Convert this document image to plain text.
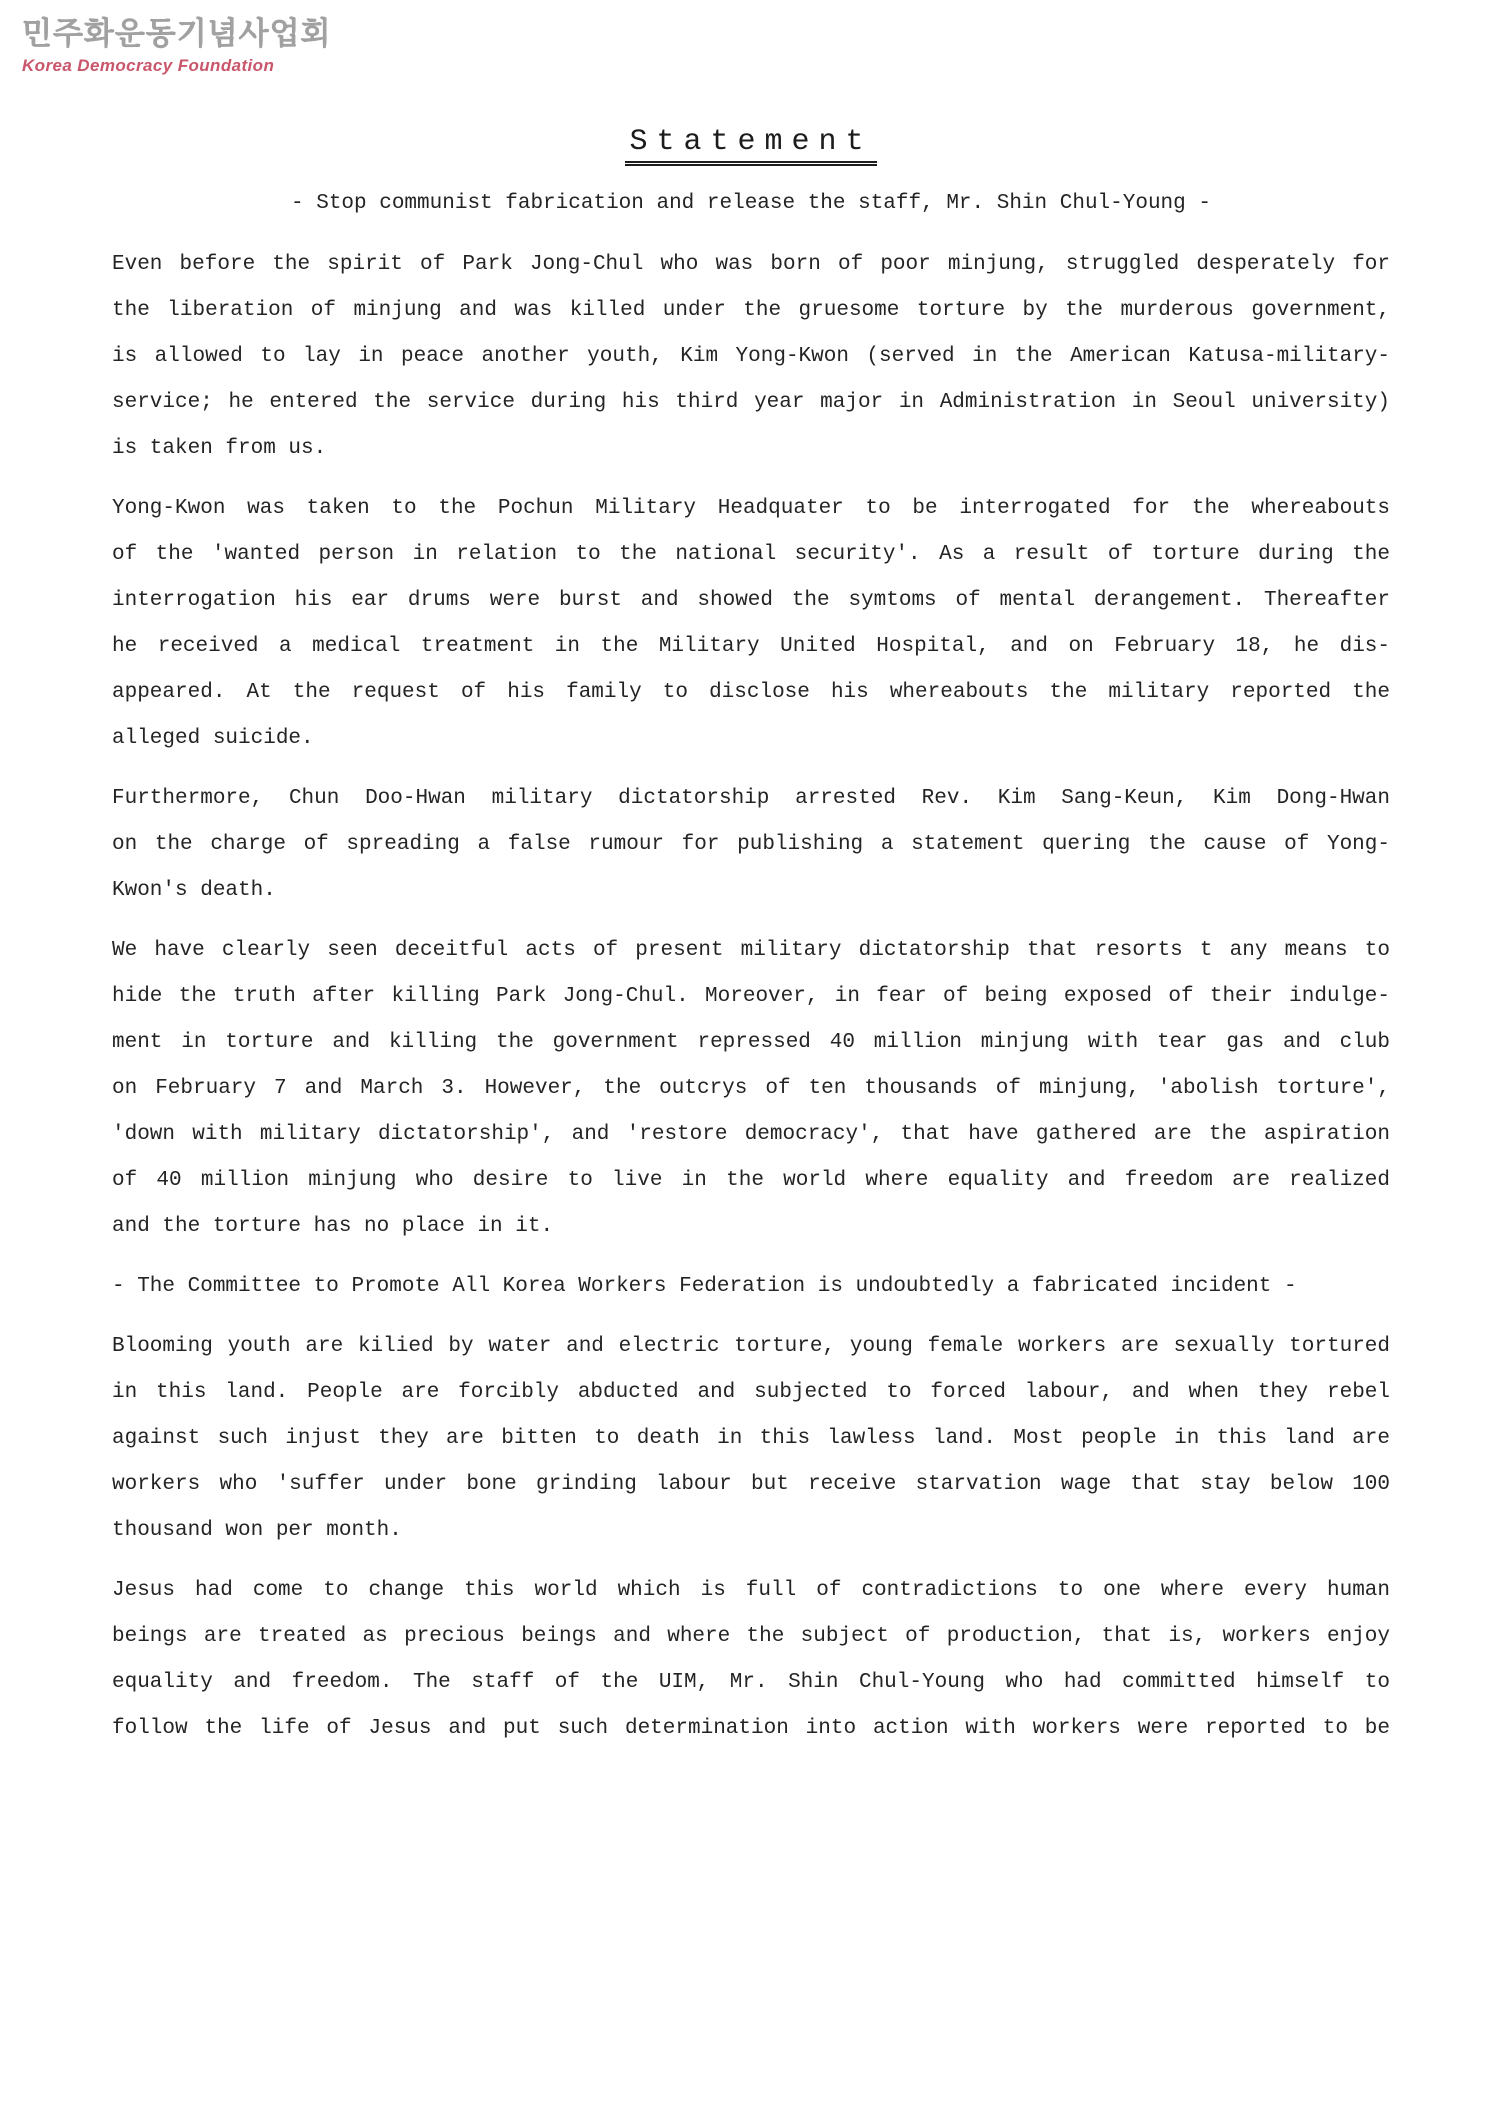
민주화운동기념사업회
Korea Democracy Foundation
Statement
- Stop communist fabrication and release the staff, Mr. Shin Chul-Young -
Even before the spirit of Park Jong-Chul who was born of poor minjung, struggled desperately for
the liberation of minjung and was killed under the gruesome torture by the murderous government,
is allowed to lay in peace another youth, Kim Yong-Kwon (served in the American Katusa-military-
service; he entered the service during his third year major in Administration in Seoul university)
is taken from us.
Yong-Kwon was taken to the Pochun Military Headquater to be interrogated for the whereabouts
of the 'wanted person in relation to the national security'. As a result of torture during the
interrogation his ear drums were burst and showed the symtoms of mental derangement. Thereafter
he received a medical treatment in the Military United Hospital, and on February 18, he dis-
appeared. At the request of his family to disclose his whereabouts the military reported the
alleged suicide.
Furthermore, Chun Doo-Hwan military dictatorship arrested Rev. Kim Sang-Keun, Kim Dong-Hwan
on the charge of spreading a false rumour for publishing a statement quering the cause of Yong-
Kwon's death.
We have clearly seen deceitful acts of present military dictatorship that resorts t any means to
hide the truth after killing Park Jong-Chul. Moreover, in fear of being exposed of their indulge-
ment in torture and killing the government repressed 40 million minjung with tear gas and club
on February 7 and March 3. However, the outcrys of ten thousands of minjung, 'abolish torture',
'down with military dictatorship', and 'restore democracy', that have gathered are the aspiration
of 40 million minjung who desire to live in the world where equality and freedom are realized
and the torture has no place in it.
- The Committee to Promote All Korea Workers Federation is undoubtedly a fabricated incident -
Blooming youth are kilied by water and electric torture, young female workers are sexually tortured
in this land. People are forcibly abducted and subjected to forced labour, and when they rebel
against such injust they are bitten to death in this lawless land. Most people in this land are
workers who 'suffer under bone grinding labour but receive starvation wage that stay below 100
thousand won per month.
Jesus had come to change this world which is full of contradictions to one where every human
beings are treated as precious beings and where the subject of production, that is, workers enjoy
equality and freedom. The staff of the UIM, Mr. Shin Chul-Young who had committed himself to
follow the life of Jesus and put such determination into action with workers were reported to be
